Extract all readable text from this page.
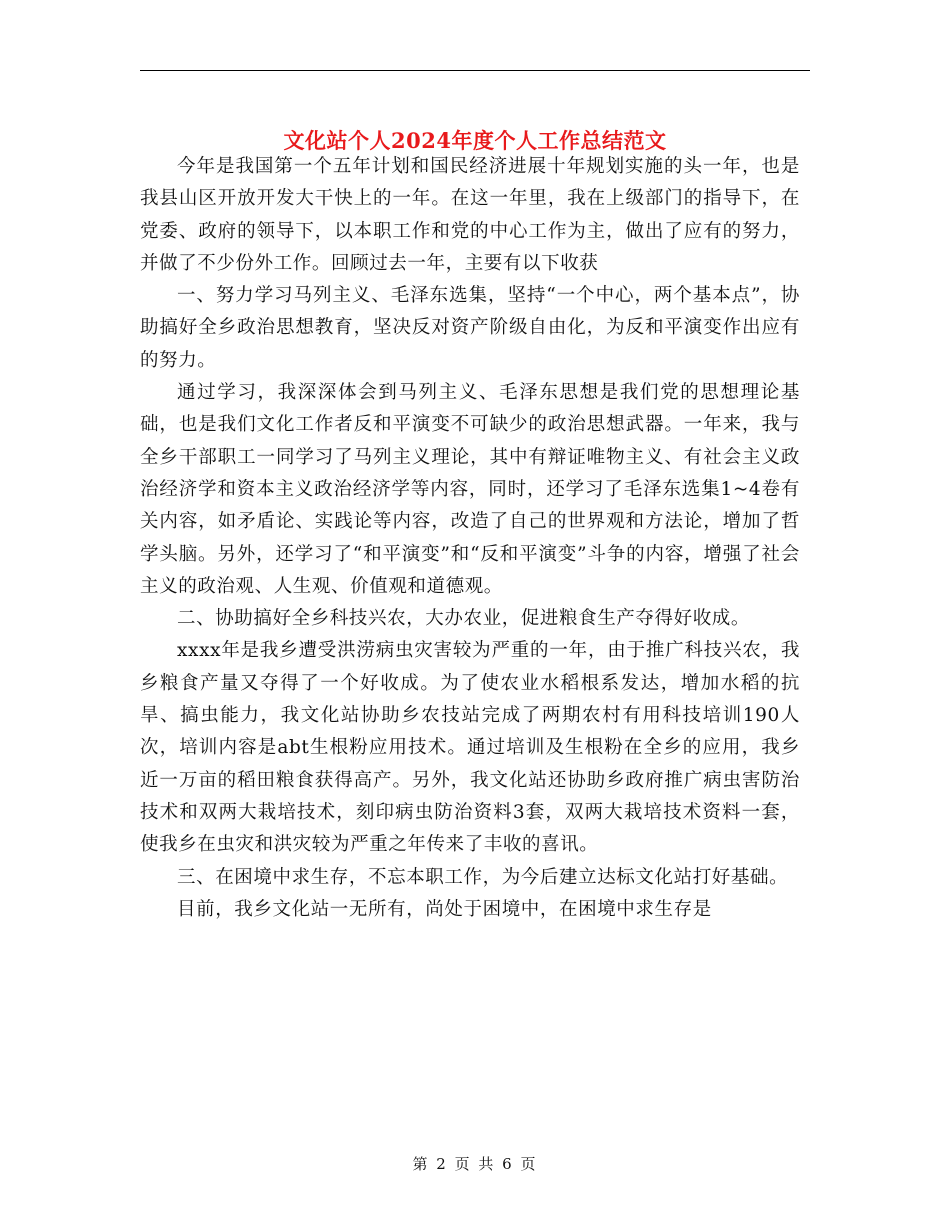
文化站个人2024年度个人工作总结范文

今年是我国第一个五年计划和国民经济进展十年规划实施的头一年，也是我县山区开放开发大干快上的一年。在这一年里，我在上级部门的指导下，在党委、政府的领导下，以本职工作和党的中心工作为主，做出了应有的努力，并做了不少份外工作。回顾过去一年，主要有以下收获

一、努力学习马列主义、毛泽东选集，坚持“一个中心，两个基本点”，协助搞好全乡政治思想教育，坚决反对资产阶级自由化，为反和平演变作出应有的努力。

通过学习，我深深体会到马列主义、毛泽东思想是我们党的思想理论基础，也是我们文化工作者反和平演变不可缺少的政治思想武器。一年来，我与全乡干部职工一同学习了马列主义理论，其中有辩证唯物主义、有社会主义政治经济学和资本主义政治经济学等内容，同时，还学习了毛泽东选集1~4卷有关内容，如矛盾论、实践论等内容，改造了自己的世界观和方法论，增加了哲学头脑。另外，还学习了“和平演变”和“反和平演变”斗争的内容，增强了社会主义的政治观、人生观、价值观和道德观。

二、协助搞好全乡科技兴农，大办农业，促进粮食生产夺得好收成。

xxxx年是我乡遭受洪涝病虫灾害较为严重的一年，由于推广科技兴农，我乡粮食产量又夺得了一个好收成。为了使农业水稻根系发达，增加水稻的抗旱、搞虫能力，我文化站协助乡农技站完成了两期农村有用科技培训190人次，培训内容是abt生根粉应用技术。通过培训及生根粉在全乡的应用，我乡近一万亩的稻田粮食获得高产。另外，我文化站还协助乡政府推广病虫害防治技术和双两大栽培技术，刻印病虫防治资料3套，双两大栽培技术资料一套，使我乡在虫灾和洪灾较为严重之年传来了丰收的喜讯。

三、在困境中求生存，不忘本职工作，为今后建立达标文化站打好基础。

目前，我乡文化站一无所有，尚处于困境中，在困境中求生存是

第 2 页 共 6 页
